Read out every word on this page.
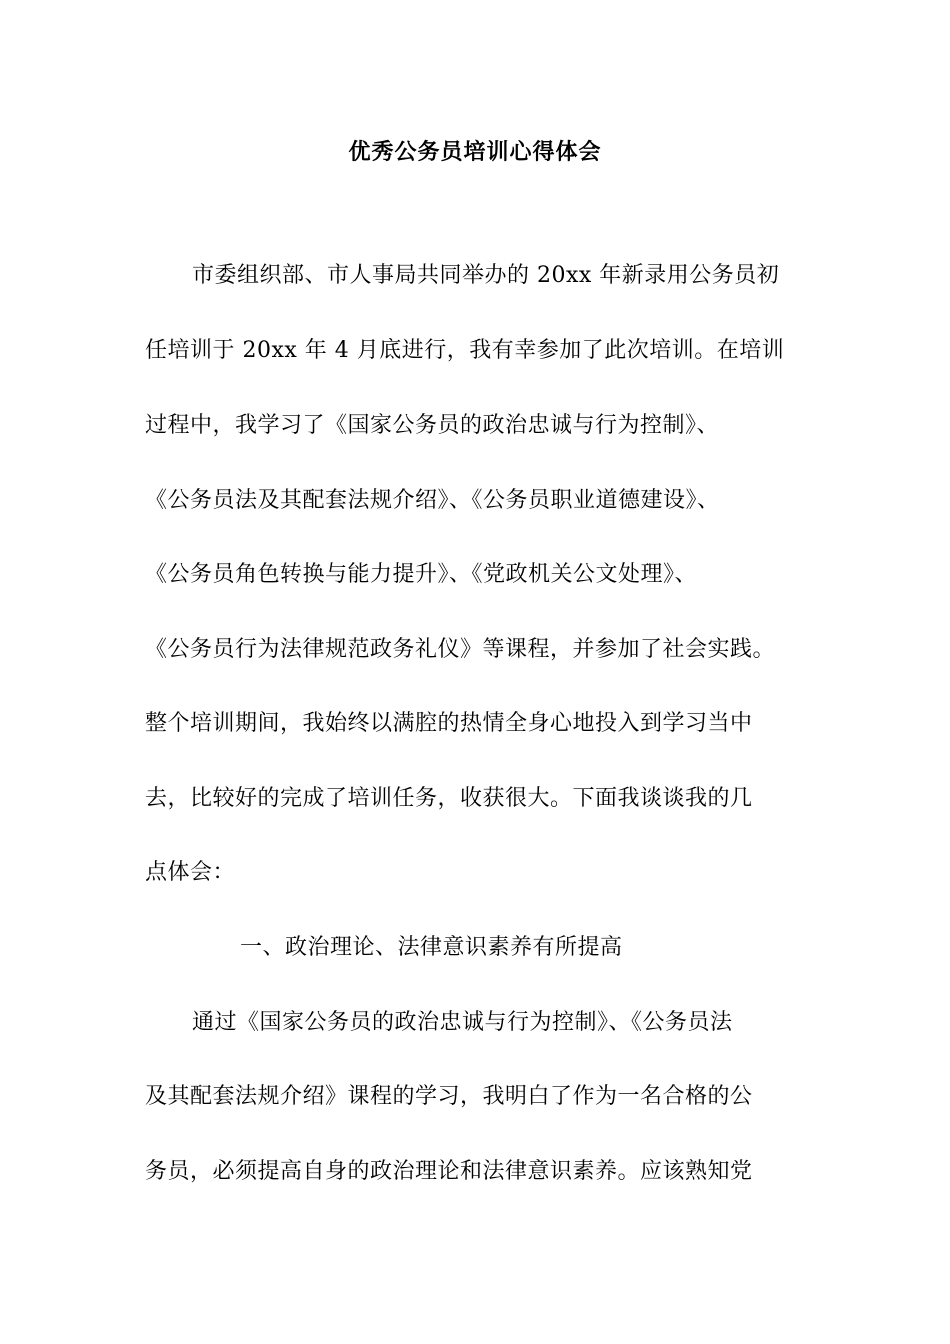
优秀公务员培训心得体会
市委组织部、市人事局共同举办的 20xx 年新录用公务员初
任培训于 20xx 年 4 月底进行，我有幸参加了此次培训。在培训
过程中，我学习了《国家公务员的政治忠诚与行为控制》、
《公务员法及其配套法规介绍》、《公务员职业道德建设》、
《公务员角色转换与能力提升》、《党政机关公文处理》、
《公务员行为法律规范政务礼仪》等课程，并参加了社会实践。
整个培训期间，我始终以满腔的热情全身心地投入到学习当中
去，比较好的完成了培训任务，收获很大。下面我谈谈我的几
点体会：
一、政治理论、法律意识素养有所提高
通过《国家公务员的政治忠诚与行为控制》、《公务员法
及其配套法规介绍》课程的学习，我明白了作为一名合格的公
务员，必须提高自身的政治理论和法律意识素养。应该熟知党
